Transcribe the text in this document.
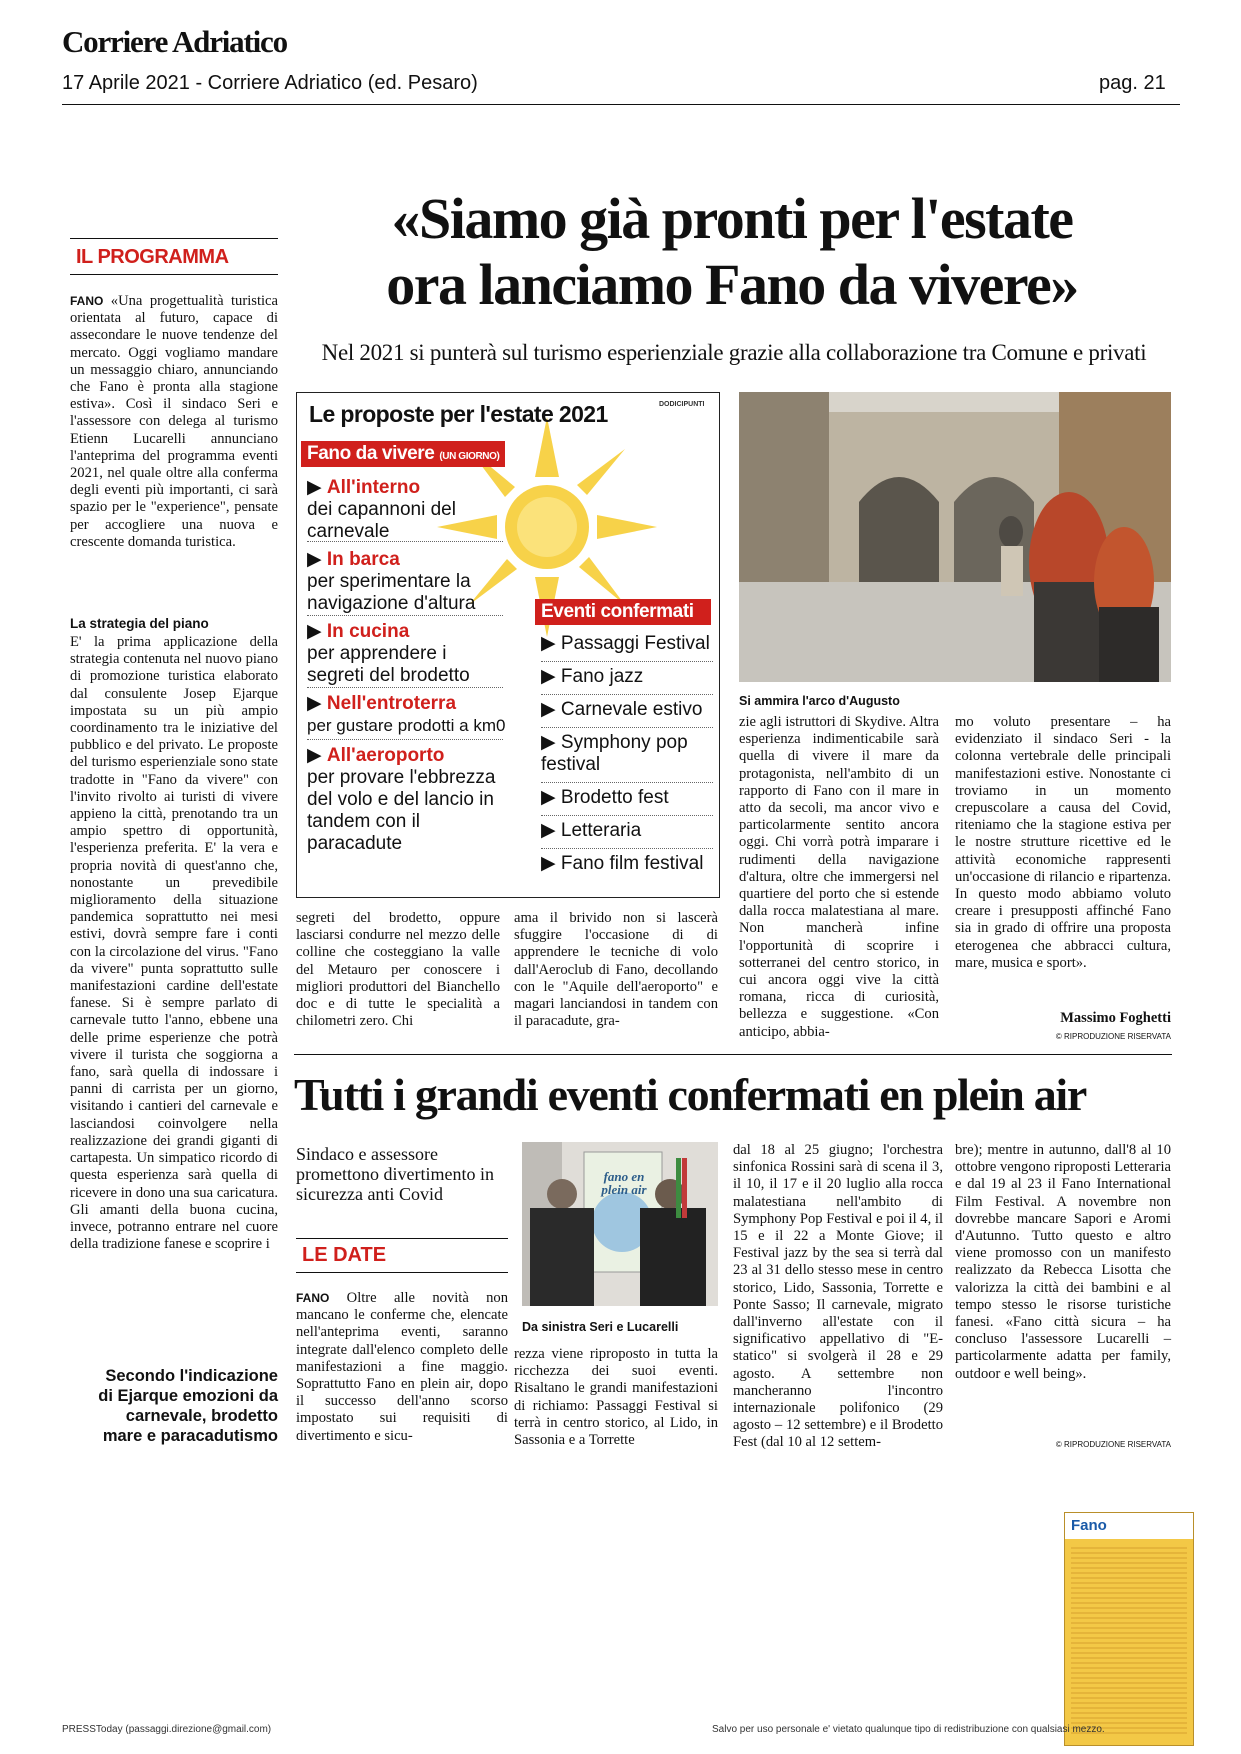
Corriere Adriatico
17 Aprile 2021 - Corriere Adriatico (ed. Pesaro)	pag. 21
IL PROGRAMMA

FANO «Una progettualità turistica orientata al futuro, capace di assecondare le nuove tendenze del mercato. Oggi vogliamo mandare un messaggio chiaro, annunciando che Fano è pronta alla stagione estiva». Così il sindaco Seri e l'assessore con delega al turismo Etienn Lucarelli annunciano l'anteprima del programma eventi 2021, nel quale oltre alla conferma degli eventi più importanti, ci sarà spazio per le "experience", pensate per accogliere una nuova e crescente domanda turistica.

La strategia del piano

E' la prima applicazione della strategia contenuta nel nuovo piano di promozione turistica elaborato dal consulente Josep Ejarque impostata su un più ampio coordinamento tra le iniziative del pubblico e del privato. Le proposte del turismo esperienziale sono state tradotte in "Fano da vivere" con l'invito rivolto ai turisti di vivere appieno la città, prenotando tra un ampio spettro di opportunità, l'esperienza preferita. E' la vera e propria novità di quest'anno che, nonostante un prevedibile miglioramento della situazione pandemica soprattutto nei mesi estivi, dovrà sempre fare i conti con la circolazione del virus. "Fano da vivere" punta soprattutto sulle manifestazioni cardine dell'estate fanese. Si è sempre parlato di carnevale tutto l'anno, ebbene una delle prime esperienze che potrà vivere il turista che soggiorna a fano, sarà quella di indossare i panni di carrista per un giorno, visitando i cantieri del carnevale e lasciandosi coinvolgere nella realizzazione dei grandi giganti di cartapesta. Un simpatico ricordo di questa esperienza sarà quella di ricevere in dono una sua caricatura. Gli amanti della buona cucina, invece, potranno entrare nel cuore della tradizione fanese e scoprire i

Secondo l'indicazione di Ejarque emozioni da carnevale, brodetto mare e paracadutismo
«Siamo già pronti per l'estate
ora lanciamo Fano da vivere»
Nel 2021 si punterà sul turismo esperienziale grazie alla collaborazione tra Comune e privati
Le proposte per l'estate 2021	DODICIPUNTI
Fano da vivere (UN GIORNO)
▶ All'interno
dei capannoni del carnevale
▶ In barca
per sperimentare la navigazione d'altura
▶ In cucina
per apprendere i segreti del brodetto
▶ Nell'entroterra
per gustare prodotti a km0
▶ All'aeroporto
per provare l'ebbrezza del volo e del lancio in tandem con il paracadute
Eventi confermati
▶ Passaggi Festival
▶ Fano jazz
▶ Carnevale estivo
▶ Symphony pop festival
▶ Brodetto fest
▶ Letteraria
▶ Fano film festival
Si ammira l'arco d'Augusto

segreti del brodetto, oppure lasciarsi condurre nel mezzo delle colline che costeggiano la valle del Metauro per conoscere i migliori produttori del Bianchello doc e di tutte le specialità a chilometri zero. Chi

ama il brivido non si lascerà sfuggire l'occasione di di apprendere le tecniche di volo dall'Aeroclub di Fano, decollando con le "Aquile dell'aeroporto" e magari lanciandosi in tandem con il paracadute, gra-

zie agli istruttori di Skydive. Altra esperienza indimenticabile sarà quella di vivere il mare da protagonista, nell'ambito di un rapporto di Fano con il mare in atto da secoli, ma ancor vivo e particolarmente sentito ancora oggi. Chi vorrà potrà imparare i rudimenti della navigazione d'altura, oltre che immergersi nel quartiere del porto che si estende dalla rocca malatestiana al mare. Non mancherà infine l'opportunità di scoprire i sotterranei del centro storico, in cui ancora oggi vive la città romana, ricca di curiosità, bellezza e suggestione. «Con anticipo, abbia-

mo voluto presentare – ha evidenziato il sindaco Seri - la colonna vertebrale delle principali manifestazioni estive. Nonostante ci troviamo in un momento crepuscolare a causa del Covid, riteniamo che la stagione estiva per le nostre strutture ricettive ed le attività economiche rappresenti un'occasione di rilancio e ripartenza. In questo modo abbiamo voluto creare i presupposti affinché Fano sia in grado di offrire una proposta eterogenea che abbracci cultura, mare, musica e sport».

Massimo Foghetti
© RIPRODUZIONE RISERVATA
Tutti i grandi eventi confermati en plein air
Sindaco e assessore promettono divertimento in sicurezza anti Covid
LE DATE

FANO Oltre alle novità non mancano le conferme che, elencate nell'anteprima eventi, saranno integrate dall'elenco completo delle manifestazioni a fine maggio. Soprattutto Fano en plein air, dopo il successo dell'anno scorso impostato sui requisiti di divertimento e sicu-

fano en plein air
Da sinistra Seri e Lucarelli

rezza viene riproposto in tutta la ricchezza dei suoi eventi. Risaltano le grandi manifestazioni di richiamo: Passaggi Festival si terrà in centro storico, al Lido, in Sassonia e a Torrette

dal 18 al 25 giugno; l'orchestra sinfonica Rossini sarà di scena il 3, il 10, il 17 e il 20 luglio alla rocca malatestiana nell'ambito di Symphony Pop Festival e poi il 4, il 15 e il 22 a Monte Giove; il Festival jazz by the sea si terrà dal 23 al 31 dello stesso mese in centro storico, Lido, Sassonia, Torrette e Ponte Sasso; Il carnevale, migrato dall'inverno all'estate con il significativo appellativo di "E-statico" si svolgerà il 28 e 29 agosto. A settembre non mancheranno l'incontro internazionale polifonico (29 agosto – 12 settembre) e il Brodetto Fest (dal 10 al 12 settem-

bre); mentre in autunno, dall'8 al 10 ottobre vengono riproposti Letteraria e dal 19 al 23 il Fano International Film Festival. A novembre non dovrebbe mancare Sapori e Aromi d'Autunno. Tutto questo e altro viene promosso con un manifesto realizzato da Rebecca Lisotta che valorizza la città dei bambini e al tempo stesso le risorse turistiche fanesi. «Fano città sicura – ha concluso l'assessore Lucarelli – particolarmente adatta per family, outdoor e well being».

© RIPRODUZIONE RISERVATA
Fano
PRESSToday (passaggi.direzione@gmail.com)	Salvo per uso personale e' vietato qualunque tipo di redistribuzione con qualsiasi mezzo.
